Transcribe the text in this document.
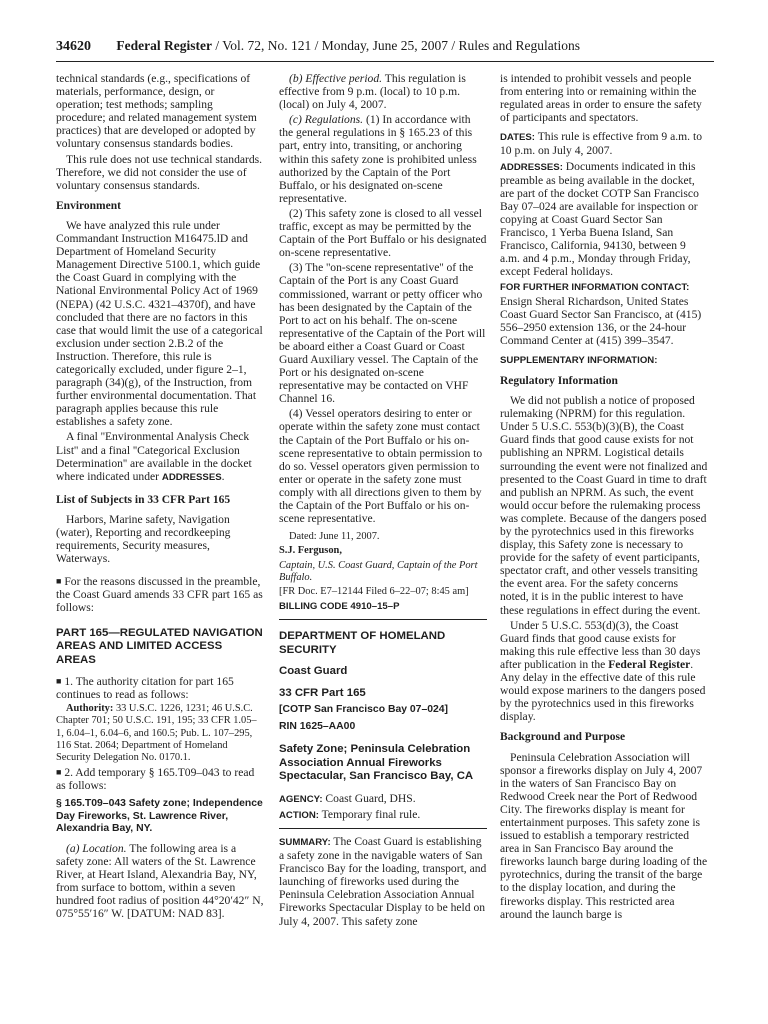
34620 Federal Register / Vol. 72, No. 121 / Monday, June 25, 2007 / Rules and Regulations

technical standards (e.g., specifications of materials, performance, design, or operation; test methods; sampling procedure; and related management system practices) that are developed or adopted by voluntary consensus standards bodies.

This rule does not use technical standards. Therefore, we did not consider the use of voluntary consensus standards.

Environment

We have analyzed this rule under Commandant Instruction M16475.lD and Department of Homeland Security Management Directive 5100.1, which guide the Coast Guard in complying with the National Environmental Policy Act of 1969 (NEPA) (42 U.S.C. 4321–4370f), and have concluded that there are no factors in this case that would limit the use of a categorical exclusion under section 2.B.2 of the Instruction. Therefore, this rule is categorically excluded, under figure 2–1, paragraph (34)(g), of the Instruction, from further environmental documentation. That paragraph applies because this rule establishes a safety zone.

A final ''Environmental Analysis Check List'' and a final ''Categorical Exclusion Determination'' are available in the docket where indicated under ADDRESSES.

List of Subjects in 33 CFR Part 165

Harbors, Marine safety, Navigation (water), Reporting and recordkeeping requirements, Security measures, Waterways.

■ For the reasons discussed in the preamble, the Coast Guard amends 33 CFR part 165 as follows:

PART 165—REGULATED NAVIGATION AREAS AND LIMITED ACCESS AREAS

■ 1. The authority citation for part 165 continues to read as follows:

Authority: 33 U.S.C. 1226, 1231; 46 U.S.C. Chapter 701; 50 U.S.C. 191, 195; 33 CFR 1.05–1, 6.04–1, 6.04–6, and 160.5; Pub. L. 107–295, 116 Stat. 2064; Department of Homeland Security Delegation No. 0170.1.

■ 2. Add temporary § 165.T09–043 to read as follows:

§ 165.T09–043 Safety zone; Independence Day Fireworks, St. Lawrence River, Alexandria Bay, NY.

(a) Location. The following area is a safety zone: All waters of the St. Lawrence River, at Heart Island, Alexandria Bay, NY, from surface to bottom, within a seven hundred foot radius of position 44°20′42″ N, 075°55′16″ W. [DATUM: NAD 83].

(b) Effective period. This regulation is effective from 9 p.m. (local) to 10 p.m. (local) on July 4, 2007.

(c) Regulations. (1) In accordance with the general regulations in § 165.23 of this part, entry into, transiting, or anchoring within this safety zone is prohibited unless authorized by the Captain of the Port Buffalo, or his designated on-scene representative.

(2) This safety zone is closed to all vessel traffic, except as may be permitted by the Captain of the Port Buffalo or his designated on-scene representative.

(3) The ''on-scene representative'' of the Captain of the Port is any Coast Guard commissioned, warrant or petty officer who has been designated by the Captain of the Port to act on his behalf. The on-scene representative of the Captain of the Port will be aboard either a Coast Guard or Coast Guard Auxiliary vessel. The Captain of the Port or his designated on-scene representative may be contacted on VHF Channel 16.

(4) Vessel operators desiring to enter or operate within the safety zone must contact the Captain of the Port Buffalo or his on-scene representative to obtain permission to do so. Vessel operators given permission to enter or operate in the safety zone must comply with all directions given to them by the Captain of the Port Buffalo or his on-scene representative.

Dated: June 11, 2007.

S.J. Ferguson,

Captain, U.S. Coast Guard, Captain of the Port Buffalo.

[FR Doc. E7–12144 Filed 6–22–07; 8:45 am]

BILLING CODE 4910–15–P

DEPARTMENT OF HOMELAND SECURITY
Coast Guard
33 CFR Part 165
[COTP San Francisco Bay 07–024]
RIN 1625–AA00
Safety Zone; Peninsula Celebration Association Annual Fireworks Spectacular, San Francisco Bay, CA

AGENCY: Coast Guard, DHS.

ACTION: Temporary final rule.

SUMMARY: The Coast Guard is establishing a safety zone in the navigable waters of San Francisco Bay for the loading, transport, and launching of fireworks used during the Peninsula Celebration Association Annual Fireworks Spectacular Display to be held on July 4, 2007. This safety zone

is intended to prohibit vessels and people from entering into or remaining within the regulated areas in order to ensure the safety of participants and spectators.

DATES: This rule is effective from 9 a.m. to 10 p.m. on July 4, 2007.

ADDRESSES: Documents indicated in this preamble as being available in the docket, are part of the docket COTP San Francisco Bay 07–024 are available for inspection or copying at Coast Guard Sector San Francisco, 1 Yerba Buena Island, San Francisco, California, 94130, between 9 a.m. and 4 p.m., Monday through Friday, except Federal holidays.

FOR FURTHER INFORMATION CONTACT: Ensign Sheral Richardson, United States Coast Guard Sector San Francisco, at (415) 556–2950 extension 136, or the 24-hour Command Center at (415) 399–3547.

SUPPLEMENTARY INFORMATION:

Regulatory Information

We did not publish a notice of proposed rulemaking (NPRM) for this regulation. Under 5 U.S.C. 553(b)(3)(B), the Coast Guard finds that good cause exists for not publishing an NPRM. Logistical details surrounding the event were not finalized and presented to the Coast Guard in time to draft and publish an NPRM. As such, the event would occur before the rulemaking process was complete. Because of the dangers posed by the pyrotechnics used in this fireworks display, this Safety zone is necessary to provide for the safety of event participants, spectator craft, and other vessels transiting the event area. For the safety concerns noted, it is in the public interest to have these regulations in effect during the event.

Under 5 U.S.C. 553(d)(3), the Coast Guard finds that good cause exists for making this rule effective less than 30 days after publication in the Federal Register. Any delay in the effective date of this rule would expose mariners to the dangers posed by the pyrotechnics used in this fireworks display.

Background and Purpose

Peninsula Celebration Association will sponsor a fireworks display on July 4, 2007 in the waters of San Francisco Bay on Redwood Creek near the Port of Redwood City. The fireworks display is meant for entertainment purposes. This safety zone is issued to establish a temporary restricted area in San Francisco Bay around the fireworks launch barge during loading of the pyrotechnics, during the transit of the barge to the display location, and during the fireworks display. This restricted area around the launch barge is
